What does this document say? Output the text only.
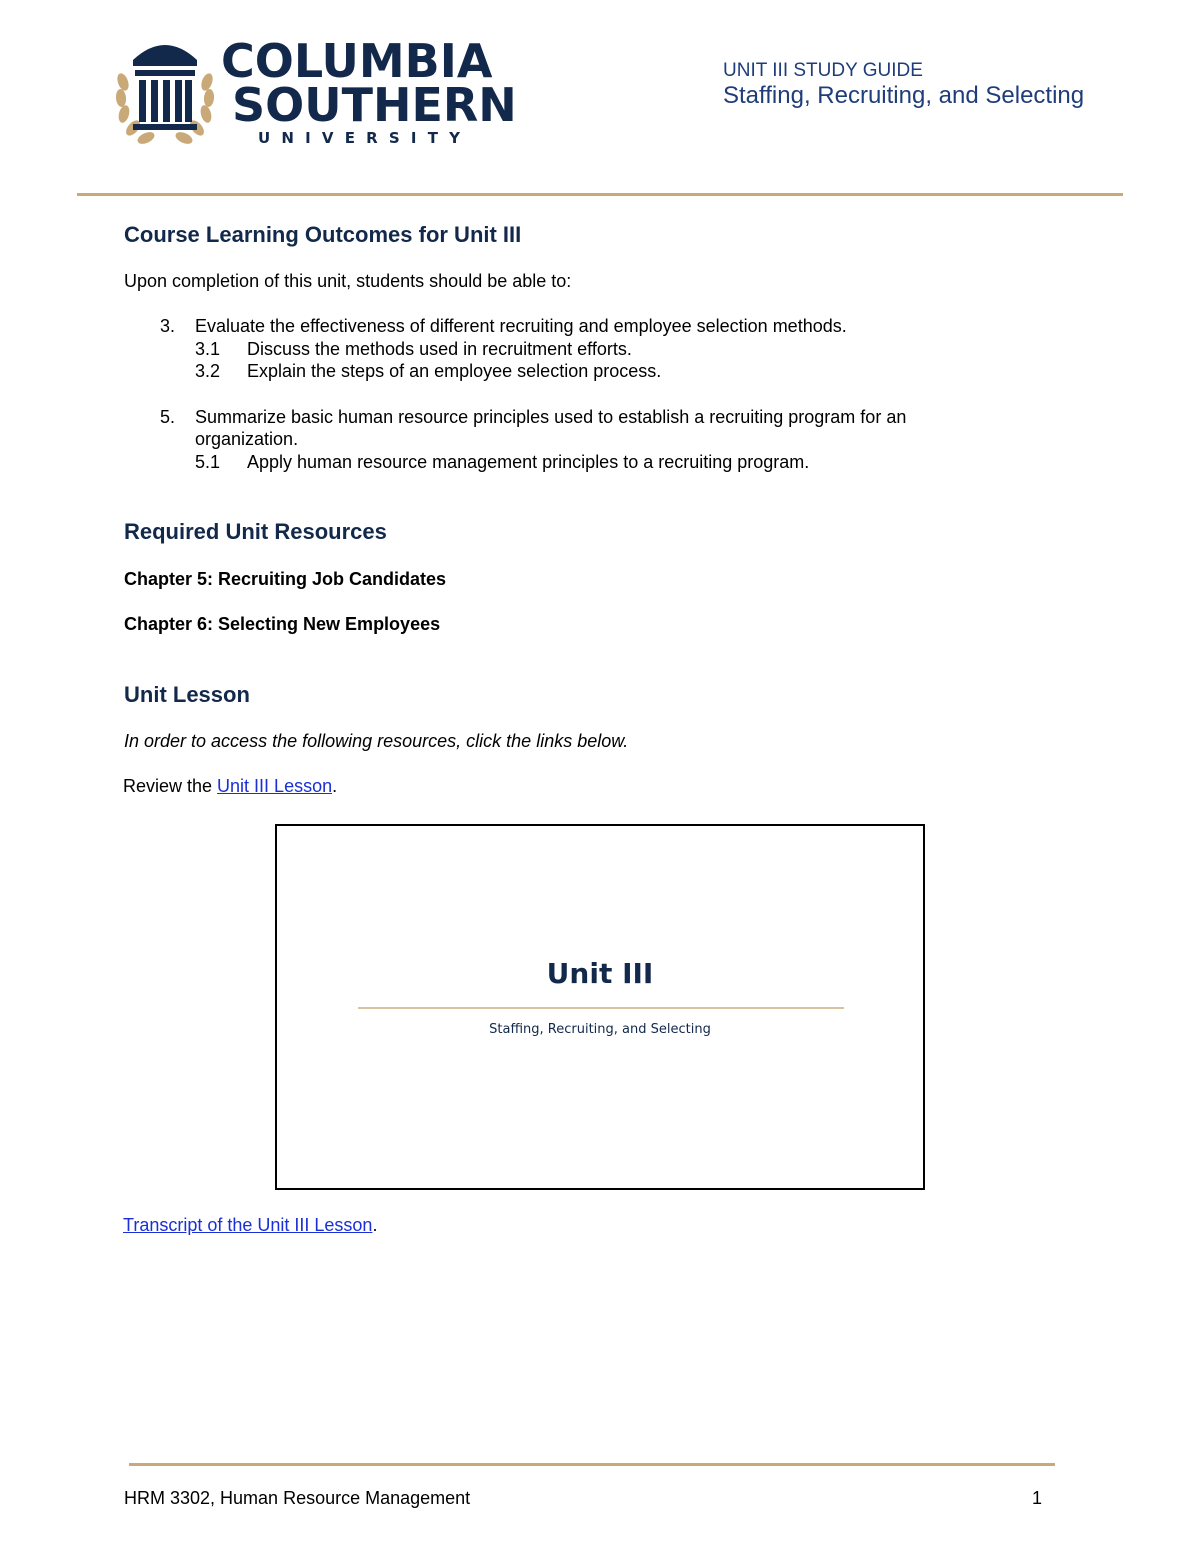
COLUMBIA
SOUTHERN
UNIVERSITY
UNIT III STUDY GUIDE
Staffing, Recruiting, and Selecting
Course Learning Outcomes for Unit III
Upon completion of this unit, students should be able to:
3. Evaluate the effectiveness of different recruiting and employee selection methods.
3.1 Discuss the methods used in recruitment efforts.
3.2 Explain the steps of an employee selection process.
5. Summarize basic human resource principles used to establish a recruiting program for an
organization.
5.1 Apply human resource management principles to a recruiting program.
Required Unit Resources
Chapter 5: Recruiting Job Candidates
Chapter 6: Selecting New Employees
Unit Lesson
In order to access the following resources, click the links below.
Review the Unit III Lesson.
Unit III
Staffing, Recruiting, and Selecting
Transcript of the Unit III Lesson.
HRM 3302, Human Resource Management	1
